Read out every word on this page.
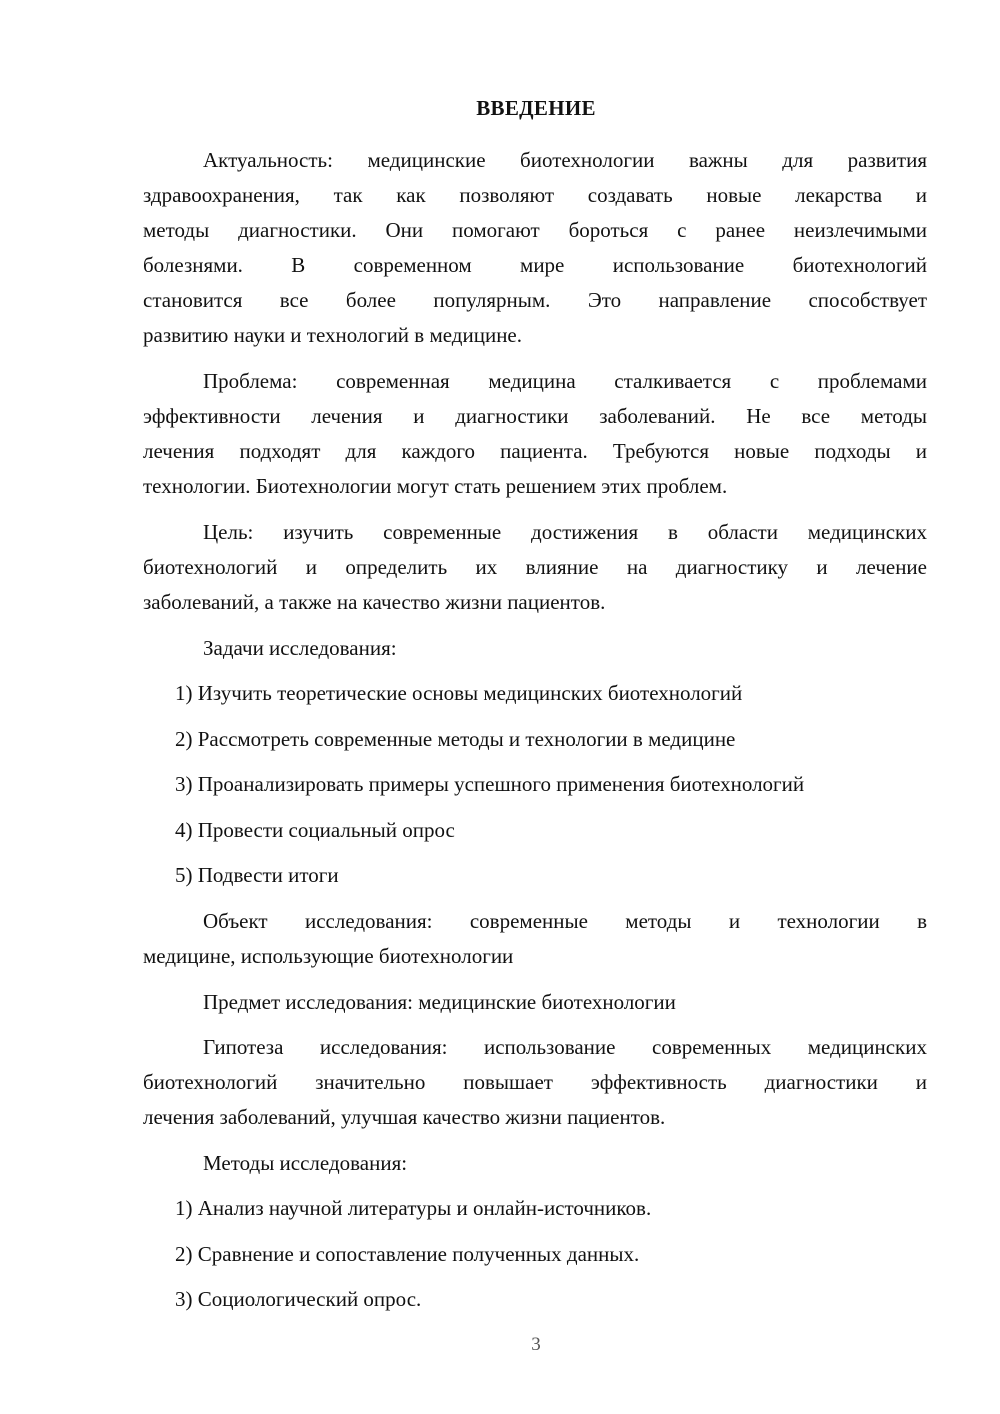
ВВЕДЕНИЕ
Актуальность: медицинские биотехнологии важны для развития
здравоохранения, так как позволяют создавать новые лекарства и
методы диагностики. Они помогают бороться с ранее неизлечимыми
болезнями. В современном мире использование биотехнологий
становится все более популярным. Это направление способствует
развитию науки и технологий в медицине.
Проблема: современная медицина сталкивается с проблемами
эффективности лечения и диагностики заболеваний. Не все методы
лечения подходят для каждого пациента. Требуются новые подходы и
технологии. Биотехнологии могут стать решением этих проблем.
Цель: изучить современные достижения в области медицинских
биотехнологий и определить их влияние на диагностику и лечение
заболеваний, а также на качество жизни пациентов.
Задачи исследования:
1) Изучить теоретические основы медицинских биотехнологий
2) Рассмотреть современные методы и технологии в медицине
3) Проанализировать примеры успешного применения биотехнологий
4) Провести социальный опрос
5) Подвести итоги
Объект исследования: современные методы и технологии в
медицине, использующие биотехнологии
Предмет исследования: медицинские биотехнологии
Гипотеза исследования: использование современных медицинских
биотехнологий значительно повышает эффективность диагностики и
лечения заболеваний, улучшая качество жизни пациентов.
Методы исследования:
1) Анализ научной литературы и онлайн-источников.
2) Сравнение и сопоставление полученных данных.
3) Социологический опрос.
3
